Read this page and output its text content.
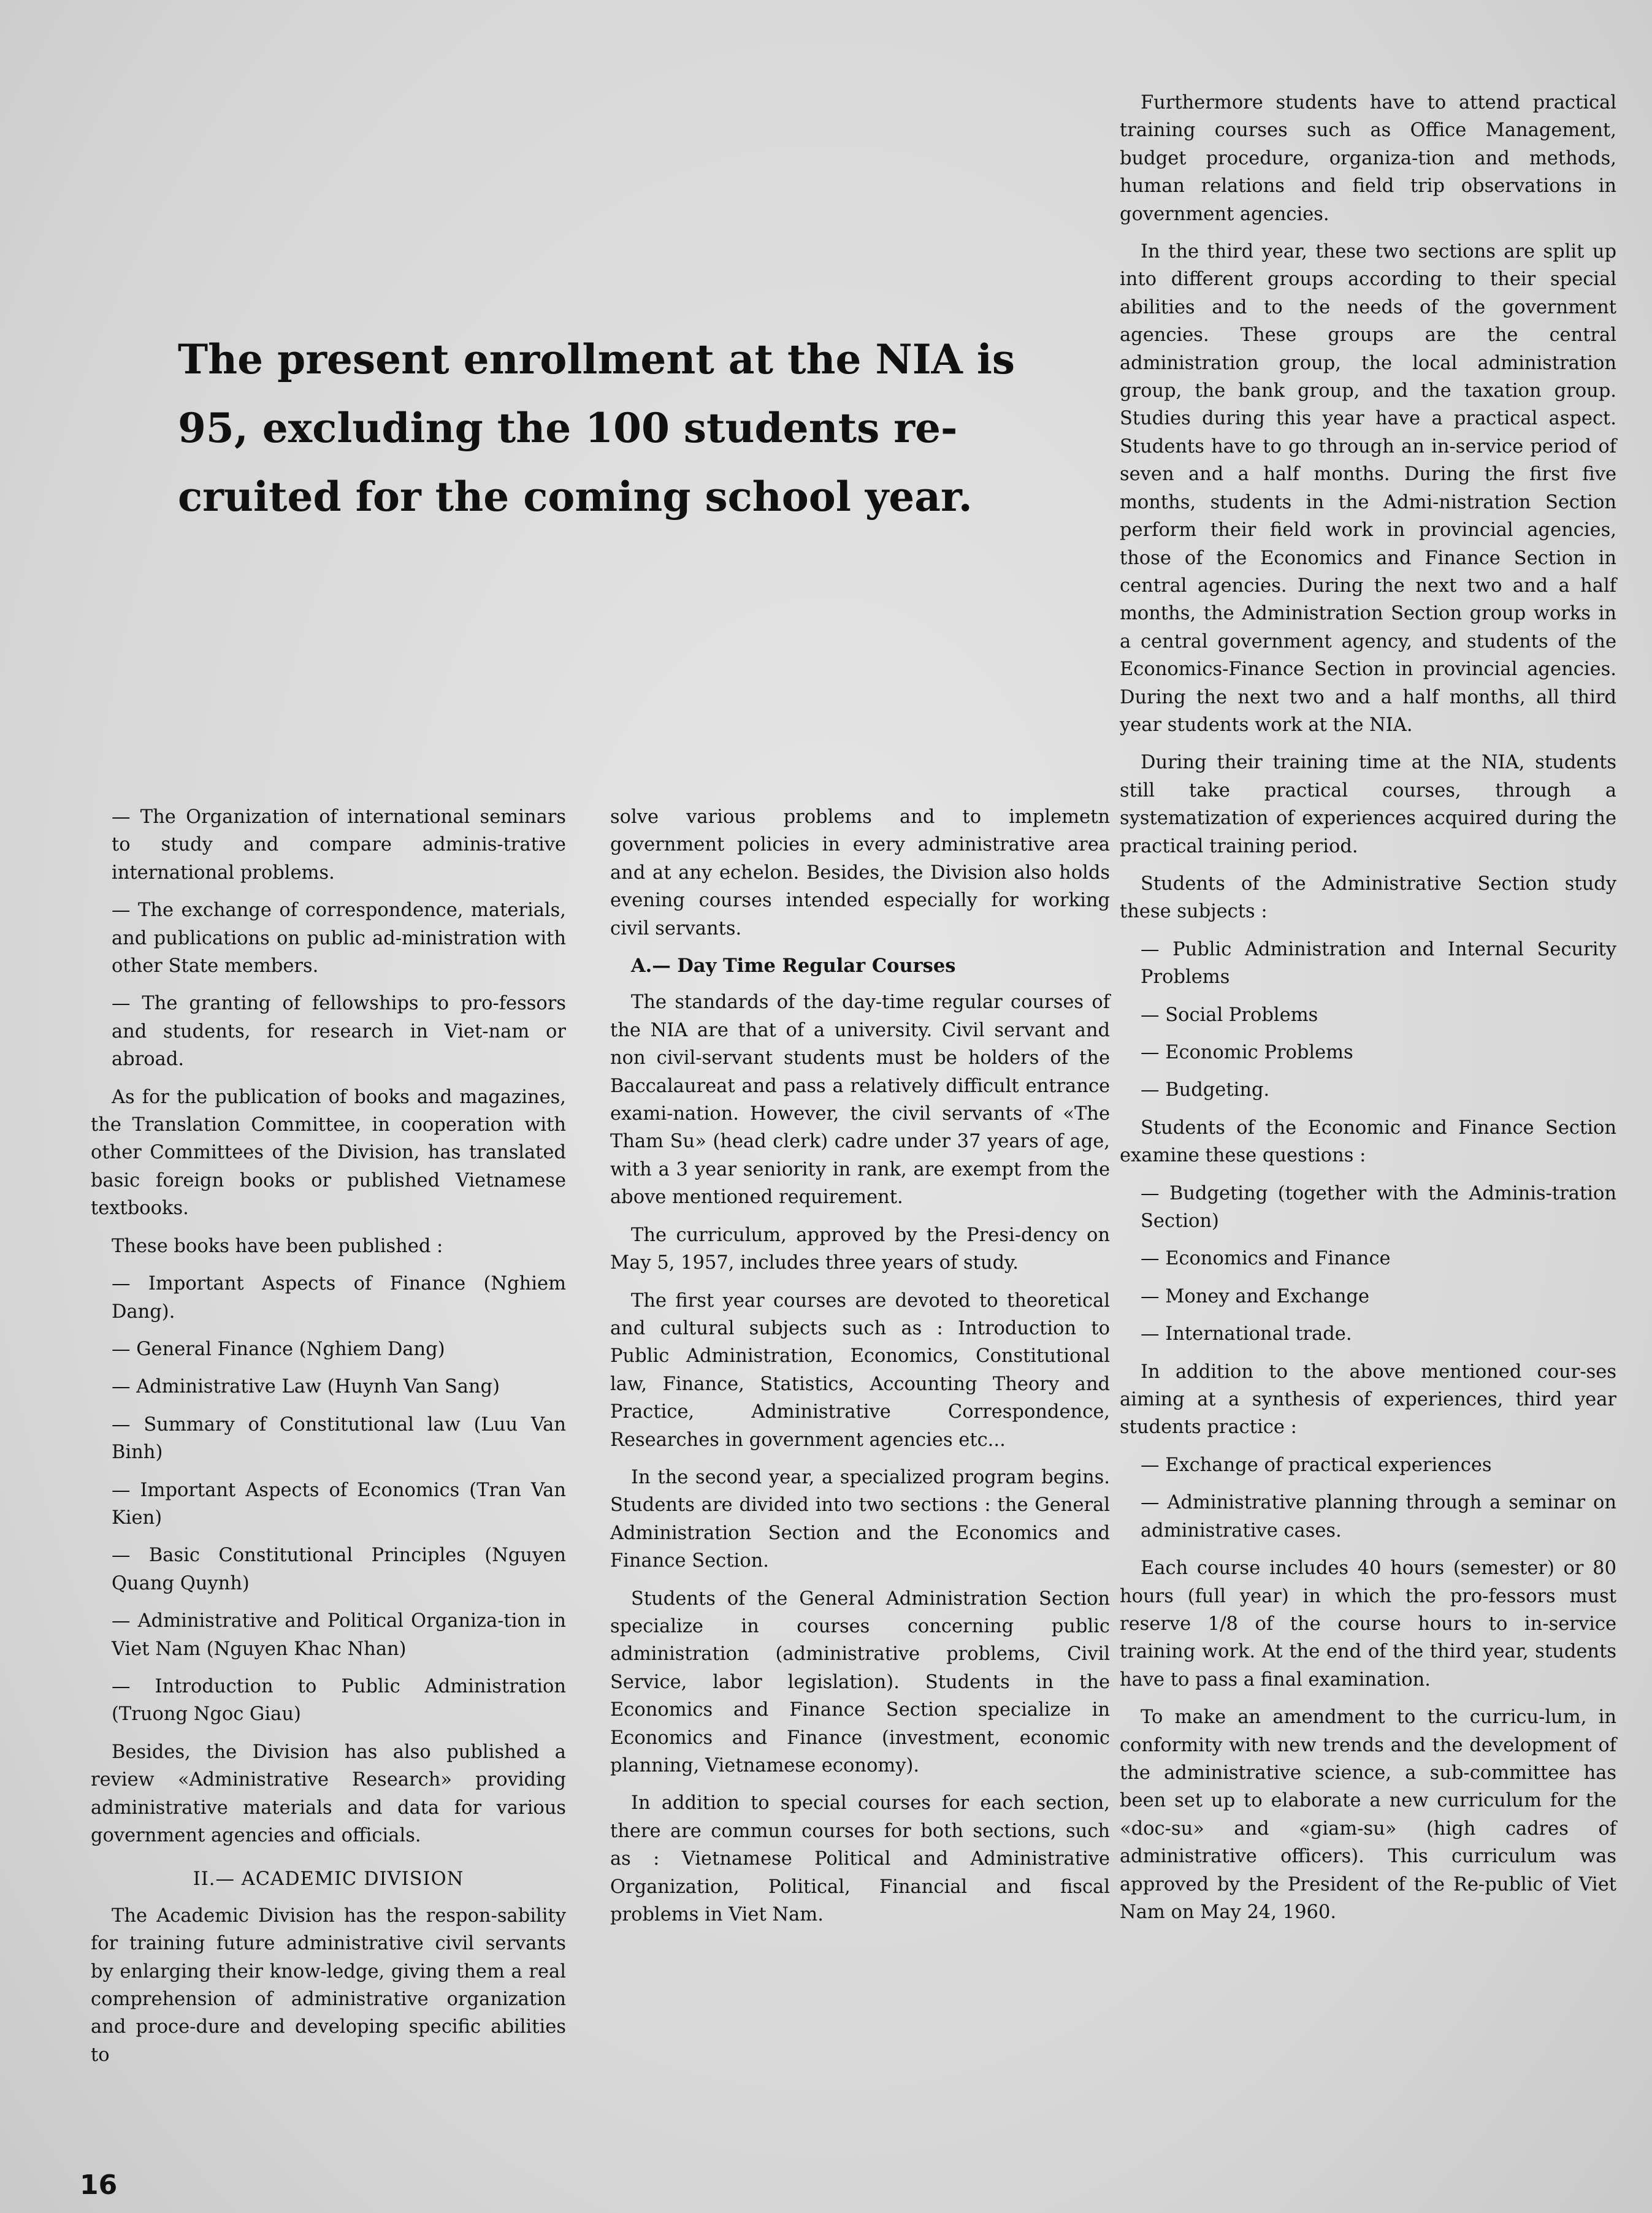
The present enrollment at the NIA is 95, excluding the 100 students re-cruited for the coming school year.

— The Organization of international seminars to study and compare adminis-trative international problems.

— The exchange of correspondence, materials, and publications on public ad-ministration with other State members.

— The granting of fellowships to pro-fessors and students, for research in Viet-nam or abroad.

As for the publication of books and magazines, the Translation Committee, in cooperation with other Committees of the Division, has translated basic foreign books or published Vietnamese textbooks.

These books have been published :

— Important Aspects of Finance (Nghiem Dang).

— General Finance (Nghiem Dang)

— Administrative Law (Huynh Van Sang)

— Summary of Constitutional law (Luu Van Binh)

— Important Aspects of Economics (Tran Van Kien)

— Basic Constitutional Principles (Nguyen Quang Quynh)

— Administrative and Political Organiza-tion in Viet Nam (Nguyen Khac Nhan)

— Introduction to Public Administration (Truong Ngoc Giau)

Besides, the Division has also published a review «Administrative Research» providing administrative materials and data for various government agencies and officials.

II.— ACADEMIC DIVISION

The Academic Division has the respon-sability for training future administrative civil servants by enlarging their know-ledge, giving them a real comprehension of administrative organization and proce-dure and developing specific abilities to

solve various problems and to implemetn government policies in every administrative area and at any echelon. Besides, the Division also holds evening courses intended especially for working civil servants.

A.— Day Time Regular Courses

The standards of the day-time regular courses of the NIA are that of a university. Civil servant and non civil-servant students must be holders of the Baccalaureat and pass a relatively difficult entrance exami-nation. However, the civil servants of «The Tham Su» (head clerk) cadre under 37 years of age, with a 3 year seniority in rank, are exempt from the above mentioned requirement.

The curriculum, approved by the Presi-dency on May 5, 1957, includes three years of study.

The first year courses are devoted to theoretical and cultural subjects such as : Introduction to Public Administration, Economics, Constitutional law, Finance, Statistics, Accounting Theory and Practice, Administrative Correspondence, Researches in government agencies etc...

In the second year, a specialized program begins. Students are divided into two sections : the General Administration Section and the Economics and Finance Section.

Students of the General Administration Section specialize in courses concerning public administration (administrative problems, Civil Service, labor legislation). Students in the Economics and Finance Section specialize in Economics and Finance (investment, economic planning, Vietnamese economy).

In addition to special courses for each section, there are commun courses for both sections, such as : Vietnamese Political and Administrative Organization, Political, Financial and fiscal problems in Viet Nam.

Furthermore students have to attend practical training courses such as Office Management, budget procedure, organiza-tion and methods, human relations and field trip observations in government agencies.

In the third year, these two sections are split up into different groups according to their special abilities and to the needs of the government agencies. These groups are the central administration group, the local administration group, the bank group, and the taxation group. Studies during this year have a practical aspect. Students have to go through an in-service period of seven and a half months. During the first five months, students in the Admi-nistration Section perform their field work in provincial agencies, those of the Economics and Finance Section in central agencies. During the next two and a half months, the Administration Section group works in a central government agency, and students of the Economics-Finance Section in provincial agencies. During the next two and a half months, all third year students work at the NIA.

During their training time at the NIA, students still take practical courses, through a systematization of experiences acquired during the practical training period.

Students of the Administrative Section study these subjects :

— Public Administration and Internal Security Problems

— Social Problems

— Economic Problems

— Budgeting.

Students of the Economic and Finance Section examine these questions :

— Budgeting (together with the Adminis-tration Section)

— Economics and Finance

— Money and Exchange

— International trade.

In addition to the above mentioned cour-ses aiming at a synthesis of experiences, third year students practice :

— Exchange of practical experiences

— Administrative planning through a seminar on administrative cases.

Each course includes 40 hours (semester) or 80 hours (full year) in which the pro-fessors must reserve 1/8 of the course hours to in-service training work. At the end of the third year, students have to pass a final examination.

To make an amendment to the curricu-lum, in conformity with new trends and the development of the administrative science, a sub-committee has been set up to elaborate a new curriculum for the «doc-su» and «giam-su» (high cadres of administrative officers). This curriculum was approved by the President of the Re-public of Viet Nam on May 24, 1960.

16
